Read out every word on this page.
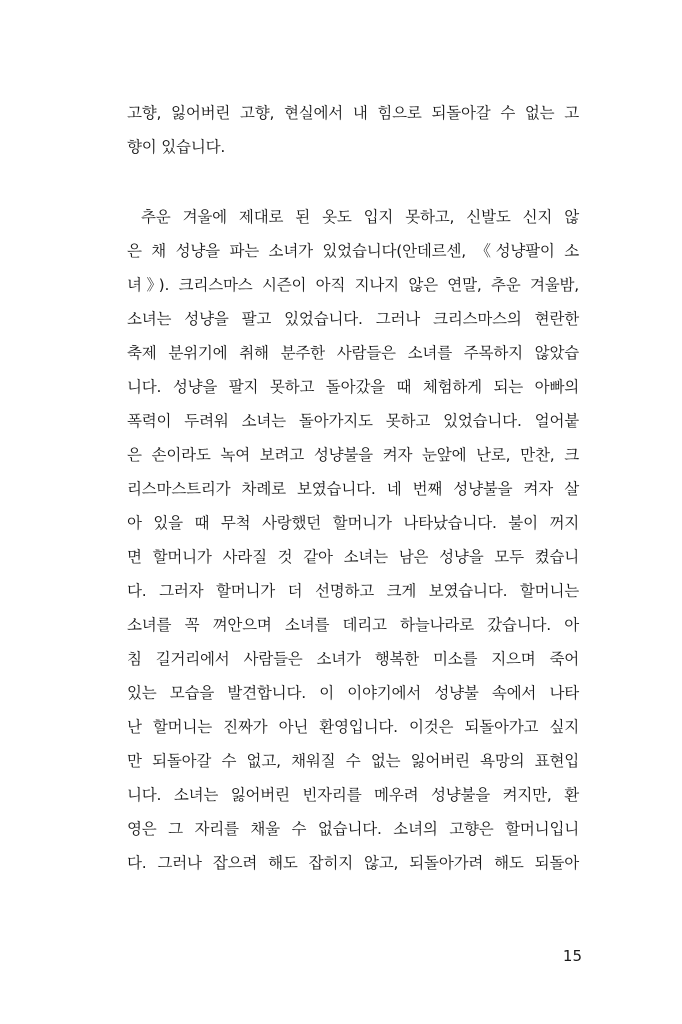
고향, 잃어버린 고향, 현실에서 내 힘으로 되돌아갈 수 없는 고
향이 있습니다.
추운 겨울에 제대로 된 옷도 입지 못하고, 신발도 신지 않
은 채 성냥을 파는 소녀가 있었습니다(안데르센, 《성냥팔이 소
녀》). 크리스마스 시즌이 아직 지나지 않은 연말, 추운 겨울밤,
소녀는 성냥을 팔고 있었습니다. 그러나 크리스마스의 현란한
축제 분위기에 취해 분주한 사람들은 소녀를 주목하지 않았습
니다. 성냥을 팔지 못하고 돌아갔을 때 체험하게 되는 아빠의
폭력이 두려워 소녀는 돌아가지도 못하고 있었습니다. 얼어붙
은 손이라도 녹여 보려고 성냥불을 켜자 눈앞에 난로, 만찬, 크
리스마스트리가 차례로 보였습니다. 네 번째 성냥불을 켜자 살
아 있을 때 무척 사랑했던 할머니가 나타났습니다. 불이 꺼지
면 할머니가 사라질 것 같아 소녀는 남은 성냥을 모두 켰습니
다. 그러자 할머니가 더 선명하고 크게 보였습니다. 할머니는
소녀를 꼭 껴안으며 소녀를 데리고 하늘나라로 갔습니다. 아
침 길거리에서 사람들은 소녀가 행복한 미소를 지으며 죽어
있는 모습을 발견합니다. 이 이야기에서 성냥불 속에서 나타
난 할머니는 진짜가 아닌 환영입니다. 이것은 되돌아가고 싶지
만 되돌아갈 수 없고, 채워질 수 없는 잃어버린 욕망의 표현입
니다. 소녀는 잃어버린 빈자리를 메우려 성냥불을 켜지만, 환
영은 그 자리를 채울 수 없습니다. 소녀의 고향은 할머니입니
다. 그러나 잡으려 해도 잡히지 않고, 되돌아가려 해도 되돌아
15
